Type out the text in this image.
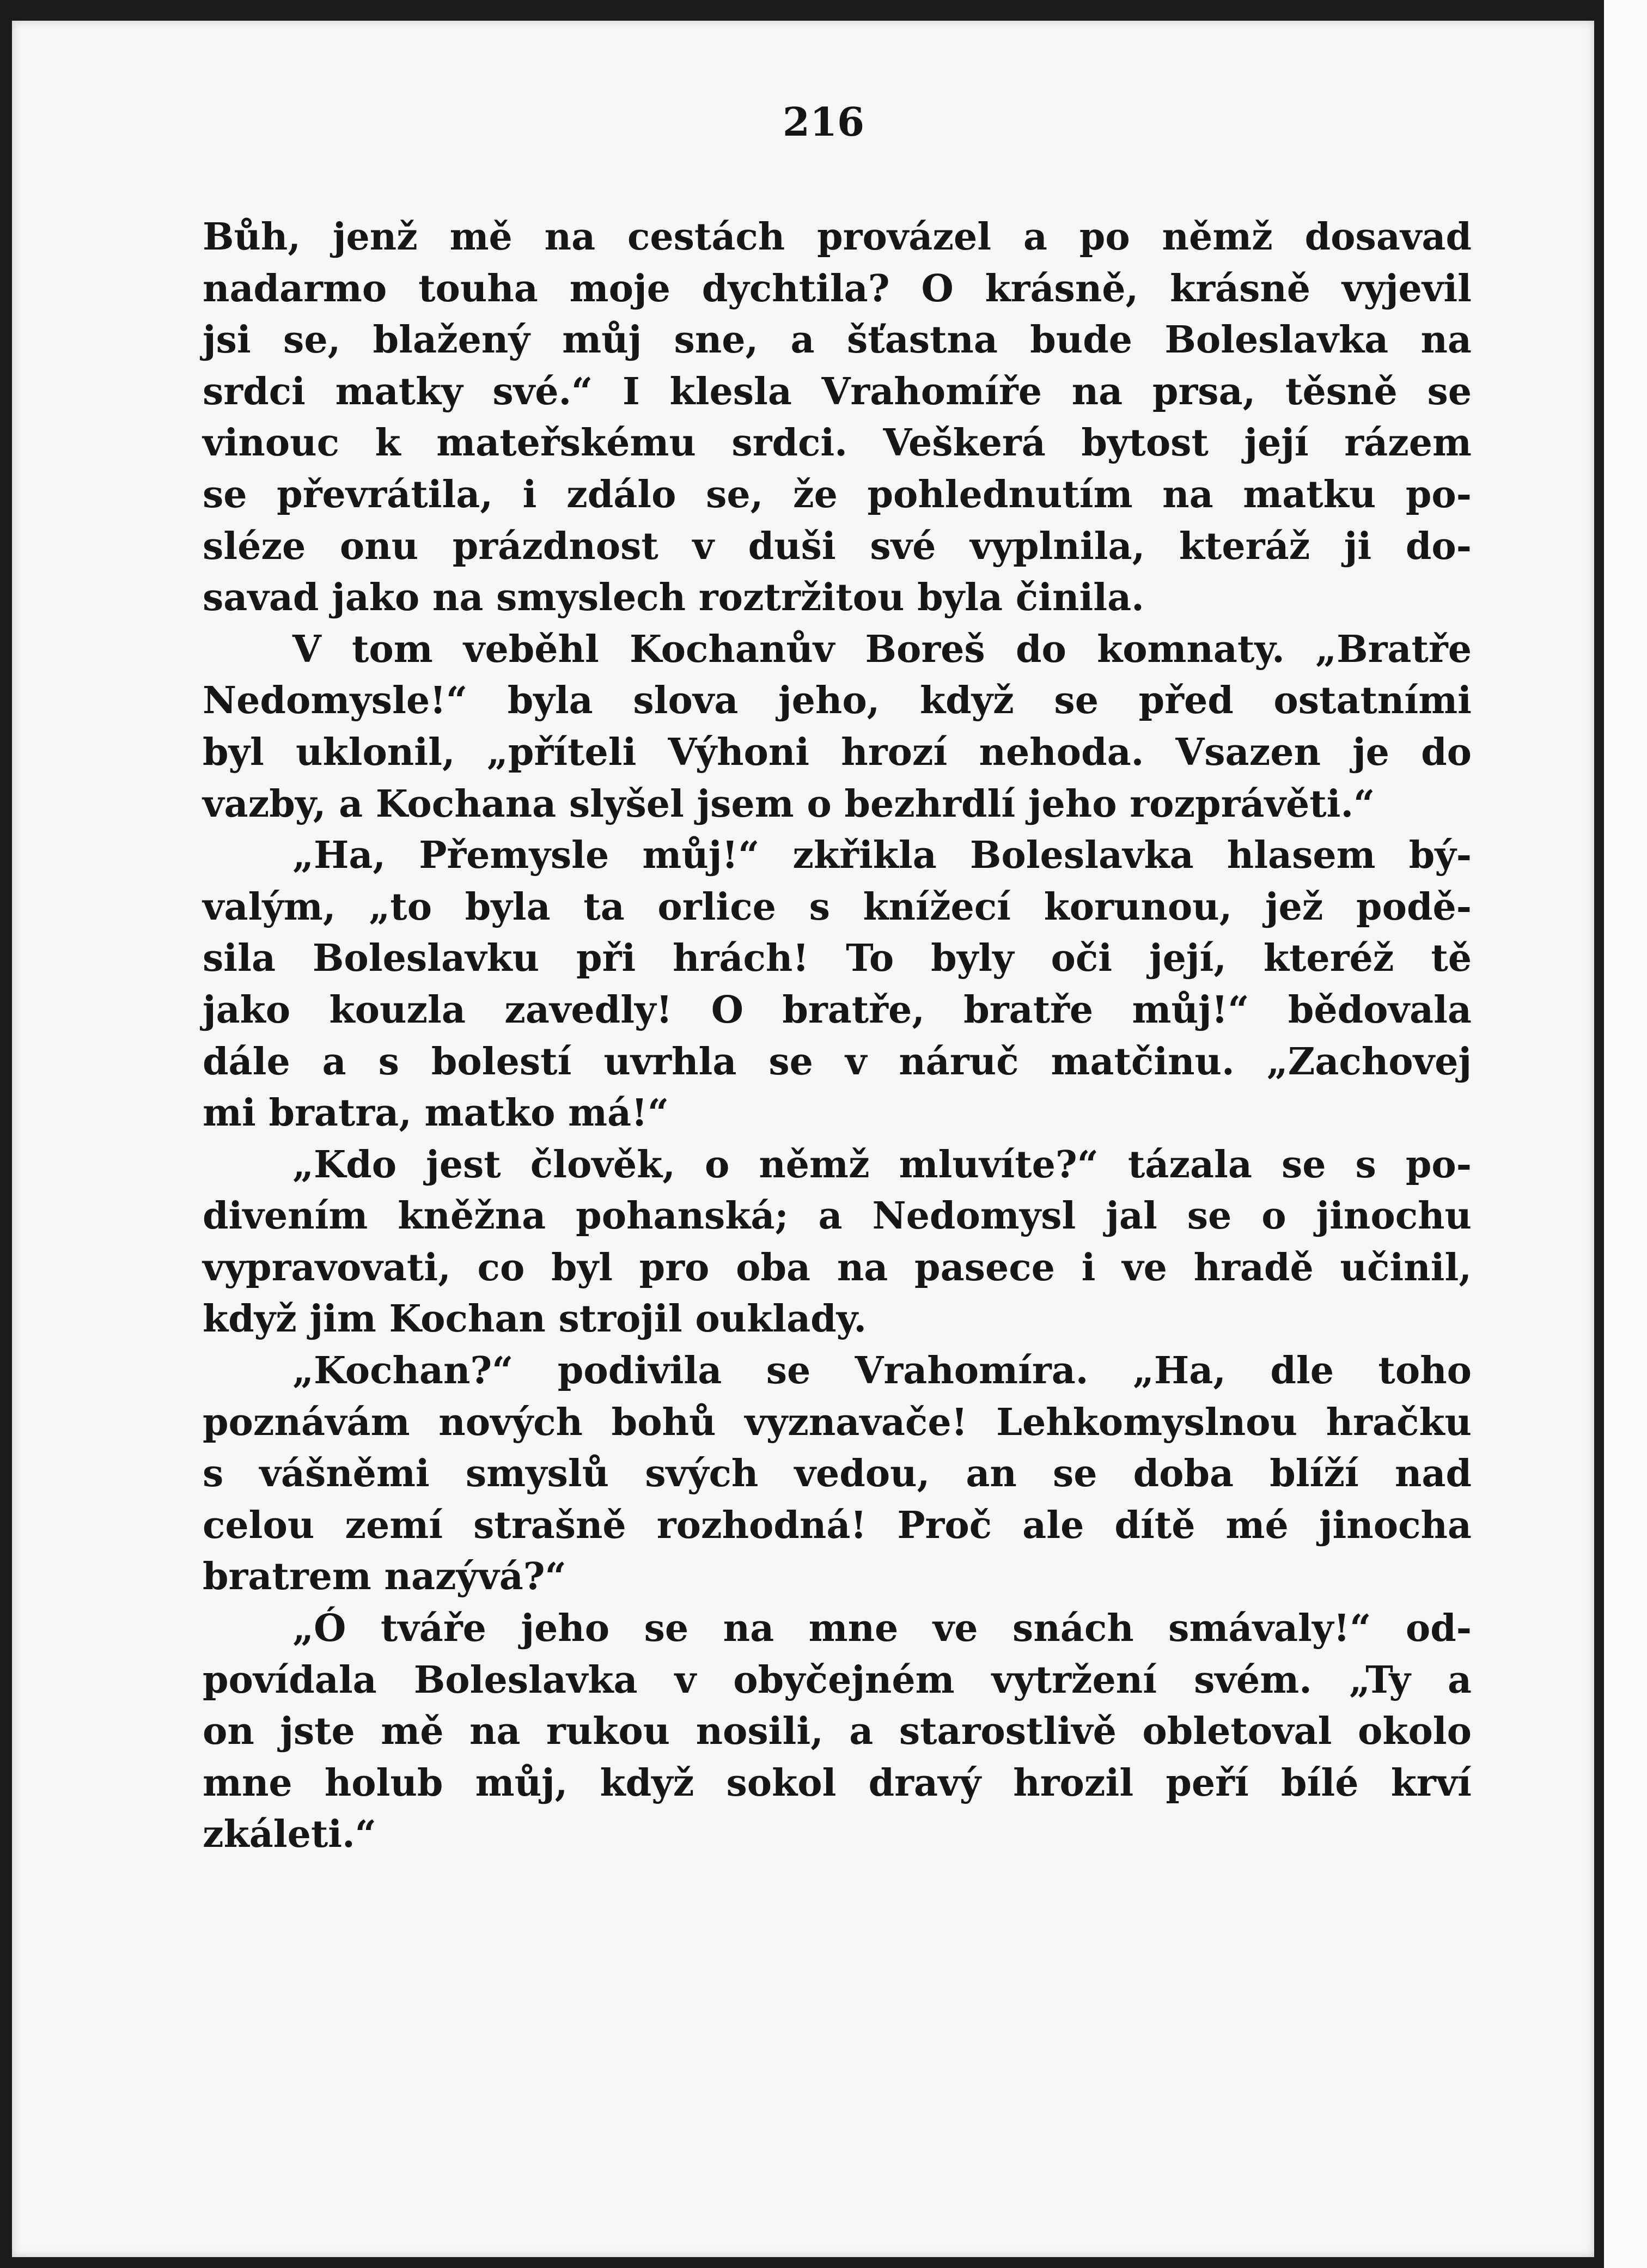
216
Bůh, jenž mě na cestách provázel a po němž dosavad
nadarmo touha moje dychtila? O krásně, krásně vyjevil
jsi se, blažený můj sne, a šťastna bude Boleslavka na
srdci matky své.“ I klesla Vrahomíře na prsa, těsně se
vinouc k mateřskému srdci. Veškerá bytost její rázem
se převrátila, i zdálo se, že pohlednutím na matku po-
sléze onu prázdnost v duši své vyplnila, kteráž ji do-
savad jako na smyslech roztržitou byla činila.
V tom veběhl Kochanův Boreš do komnaty. „Bratře
Nedomysle!“ byla slova jeho, když se před ostatními
byl uklonil, „příteli Výhoni hrozí nehoda. Vsazen je do
vazby, a Kochana slyšel jsem o bezhrdlí jeho rozprávěti.“
„Ha, Přemysle můj!“ zkřikla Boleslavka hlasem bý-
valým, „to byla ta orlice s knížecí korunou, jež podě-
sila Boleslavku při hrách! To byly oči její, kteréž tě
jako kouzla zavedly! O bratře, bratře můj!“ bědovala
dále a s bolestí uvrhla se v náruč matčinu. „Zachovej
mi bratra, matko má!“
„Kdo jest člověk, o němž mluvíte?“ tázala se s po-
divením kněžna pohanská; a Nedomysl jal se o jinochu
vypravovati, co byl pro oba na pasece i ve hradě učinil,
když jim Kochan strojil ouklady.
„Kochan?“ podivila se Vrahomíra. „Ha, dle toho
poznávám nových bohů vyznavače! Lehkomyslnou hračku
s vášněmi smyslů svých vedou, an se doba blíží nad
celou zemí strašně rozhodná! Proč ale dítě mé jinocha
bratrem nazývá?“
„Ó tváře jeho se na mne ve snách smávaly!“ od-
povídala Boleslavka v obyčejném vytržení svém. „Ty a
on jste mě na rukou nosili, a starostlivě obletoval okolo
mne holub můj, když sokol dravý hrozil peří bílé krví
zkáleti.“
